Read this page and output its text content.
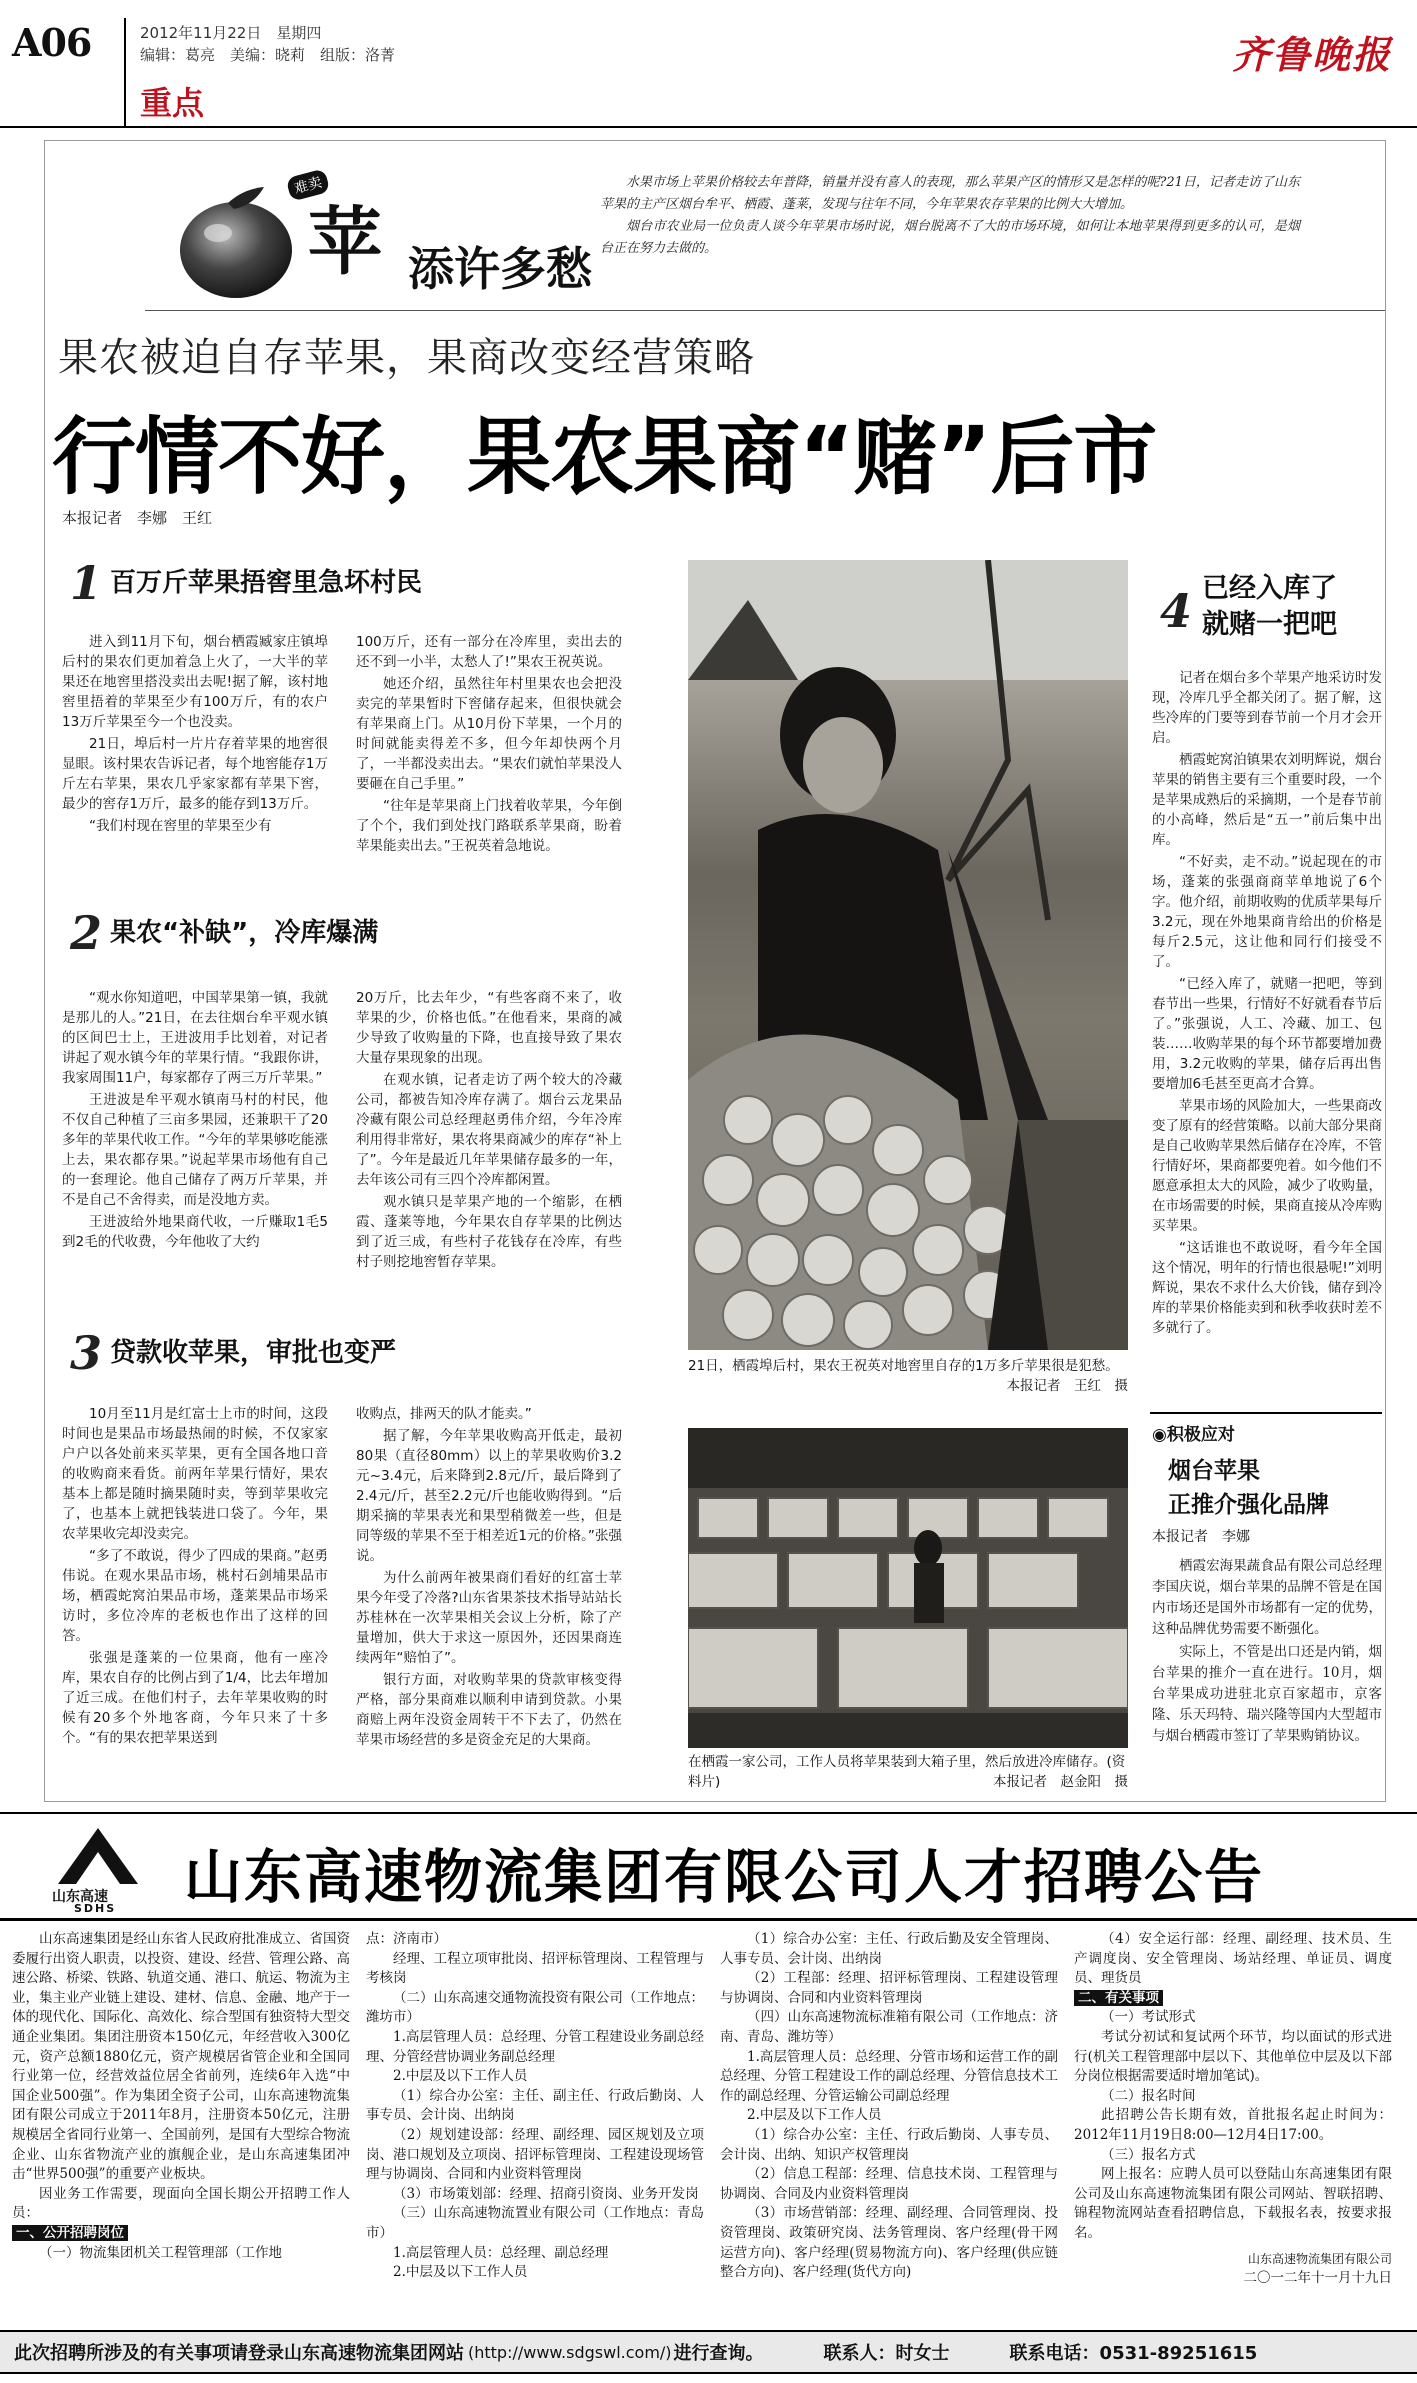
A06	2012年11月22日　 星期四
编辑：葛亮　美编：晓莉　组版：洛菁
重点
齐鲁晚报
难卖
苹 添许多愁

水果市场上苹果价格较去年普降，销量并没有喜人的表现，那么苹果产区的情形又是怎样的呢?21日，记者走访了山东苹果的主产区烟台牟平、栖霞、蓬莱，发现与往年不同，今年苹果农存苹果的比例大大增加。

烟台市农业局一位负责人谈今年苹果市场时说，烟台脱离不了大的市场环境，如何让本地苹果得到更多的认可，是烟台正在努力去做的。

果农被迫自存苹果，果商改变经营策略
行情不好，果农果商“赌”后市
本报记者　李娜　王红
1 百万斤苹果捂窖里急坏村民

进入到11月下旬，烟台栖霞臧家庄镇埠后村的果农们更加着急上火了，一大半的苹果还在地窖里搭没卖出去呢!据了解，该村地窖里捂着的苹果至少有100万斤，有的农户13万斤苹果至今一个也没卖。

21日，埠后村一片片存着苹果的地窖很显眼。该村果农告诉记者，每个地窖能存1万斤左右苹果，果农几乎家家都有苹果下窖，最少的窖存1万斤，最多的能存到13万斤。

“我们村现在窖里的苹果至少有

100万斤，还有一部分在冷库里，卖出去的还不到一小半，太愁人了!”果农王祝英说。

她还介绍，虽然往年村里果农也会把没卖完的苹果暂时下窖储存起来，但很快就会有苹果商上门。从10月份下苹果，一个月的时间就能卖得差不多，但今年却快两个月了，一半都没卖出去。“果农们就怕苹果没人要砸在自己手里。”

“往年是苹果商上门找着收苹果，今年倒了个个，我们到处找门路联系苹果商，盼着苹果能卖出去。”王祝英着急地说。

2 果农“补缺”，冷库爆满

“观水你知道吧，中国苹果第一镇，我就是那儿的人。”21日，在去往烟台牟平观水镇的区间巴士上，王进波用手比划着，对记者讲起了观水镇今年的苹果行情。“我跟你讲，我家周围11户，每家都存了两三万斤苹果。”

王进波是牟平观水镇南马村的村民，他不仅自己种植了三亩多果园，还兼职干了20多年的苹果代收工作。“今年的苹果够吃能涨上去，果农都存果。”说起苹果市场他有自己的一套理论。他自己储存了两万斤苹果，并不是自己不舍得卖，而是没地方卖。

王进波给外地果商代收，一斤赚取1毛5到2毛的代收费，今年他收了大约

20万斤，比去年少，“有些客商不来了，收苹果的少，价格也低。”在他看来，果商的减少导致了收购量的下降，也直接导致了果农大量存果现象的出现。

在观水镇，记者走访了两个较大的冷藏公司，都被告知冷库存满了。烟台云龙果品冷藏有限公司总经理赵勇伟介绍，今年冷库利用得非常好，果农将果商减少的库存“补上了”。今年是最近几年苹果储存最多的一年，去年该公司有三四个冷库都闲置。

观水镇只是苹果产地的一个缩影，在栖霞、蓬莱等地，今年果农自存苹果的比例达到了近三成，有些村子花钱存在冷库，有些村子则挖地窖暂存苹果。

3 贷款收苹果，审批也变严

10月至11月是红富士上市的时间，这段时间也是果品市场最热闹的时候，不仅家家户户以各处前来买苹果，更有全国各地口音的收购商来看货。前两年苹果行情好，果农基本上都是随时摘果随时卖，等到苹果收完了，也基本上就把钱装进口袋了。今年，果农苹果收完却没卖完。

“多了不敢说，得少了四成的果商。”赵勇伟说。在观水果品市场，桃村石剑埔果品市场，栖霞蛇窝泊果品市场，蓬莱果品市场采访时，多位冷库的老板也作出了这样的回答。

张强是蓬莱的一位果商，他有一座冷库，果农自存的比例占到了1/4，比去年增加了近三成。在他们村子，去年苹果收购的时候有20多个外地客商，今年只来了十多个。“有的果农把苹果送到

收购点，排两天的队才能卖。”

据了解，今年苹果收购高开低走，最初80果（直径80mm）以上的苹果收购价3.2元~3.4元，后来降到2.8元/斤，最后降到了2.4元/斤，甚至2.2元/斤也能收购得到。“后期采摘的苹果表光和果型稍微差一些，但是同等级的苹果不至于相差近1元的价格。”张强说。

为什么前两年被果商们看好的红富士苹果今年受了冷落?山东省果茶技术指导站站长苏桂林在一次苹果相关会议上分析，除了产量增加，供大于求这一原因外，还因果商连续两年“赔怕了”。

银行方面，对收购苹果的贷款审核变得严格，部分果商难以顺利申请到贷款。小果商赔上两年没资金周转干不下去了，仍然在苹果市场经营的多是资金充足的大果商。

21日，栖霞埠后村，果农王祝英对地窖里自存的1万多斤苹果很是犯愁。
本报记者　王红　摄
在栖霞一家公司，工作人员将苹果装到大箱子里，然后放进冷库储存。(资料片)	本报记者　赵金阳　摄
4 已经入库了
就赌一把吧

记者在烟台多个苹果产地采访时发现，冷库几乎全都关闭了。据了解，这些冷库的门要等到春节前一个月才会开启。

栖霞蛇窝泊镇果农刘明辉说，烟台苹果的销售主要有三个重要时段，一个是苹果成熟后的采摘期，一个是春节前的小高峰，然后是“五一”前后集中出库。

“不好卖，走不动。”说起现在的市场，蓬莱的张强商商苹单地说了6个字。他介绍，前期收购的优质苹果每斤3.2元，现在外地果商肯给出的价格是每斤2.5元，这让他和同行们接受不了。

“已经入库了，就赌一把吧，等到春节出一些果，行情好不好就看春节后了。”张强说，人工、冷藏、加工、包装……收购苹果的每个环节都要增加费用，3.2元收购的苹果，储存后再出售要增加6毛甚至更高才合算。

苹果市场的风险加大，一些果商改变了原有的经营策略。以前大部分果商是自己收购苹果然后储存在冷库，不管行情好坏，果商都要兜着。如今他们不愿意承担太大的风险，减少了收购量，在市场需要的时候，果商直接从冷库购买苹果。

“这话谁也不敢说呀，看今年全国这个情况，明年的行情也很悬呢!”刘明辉说，果农不求什么大价钱，储存到冷库的苹果价格能卖到和秋季收获时差不多就行了。

◉积极应对
烟台苹果
正推介强化品牌
本报记者　李娜

栖霞宏海果蔬食品有限公司总经理李国庆说，烟台苹果的品牌不管是在国内市场还是国外市场都有一定的优势，这种品牌优势需要不断强化。

实际上，不管是出口还是内销，烟台苹果的推介一直在进行。10月，烟台苹果成功进驻北京百家超市，京客隆、乐天玛特、瑞兴隆等国内大型超市与烟台栖霞市签订了苹果购销协议。

山东高速
SDHS 山东高速物流集团有限公司人才招聘公告

山东高速集团是经山东省人民政府批准成立、省国资委履行出资人职责，以投资、建设、经营、管理公路、高速公路、桥梁、铁路、轨道交通、港口、航运、物流为主业，集主业产业链上建设、建材、信息、金融、地产于一体的现代化、国际化、高效化、综合型国有独资特大型交通企业集团。集团注册资本150亿元，年经营收入300亿元，资产总额1880亿元，资产规模居省管企业和全国同行业第一位，经营效益位居全省前列，连续6年入选“中国企业500强”。作为集团全资子公司，山东高速物流集团有限公司成立于2011年8月，注册资本50亿元，注册规模居全省同行业第一、全国前列，是国有大型综合物流企业、山东省物流产业的旗舰企业，是山东高速集团冲击“世界500强”的重要产业板块。

因业务工作需要，现面向全国长期公开招聘工作人员：

一、公开招聘岗位

（一）物流集团机关工程管理部（工作地

点：济南市）

经理、工程立项审批岗、招评标管理岗、工程管理与考核岗

（二）山东高速交通物流投资有限公司（工作地点：潍坊市）

1.高层管理人员：总经理、分管工程建设业务副总经理、分管经营协调业务副总经理

2.中层及以下工作人员

（1）综合办公室：主任、副主任、行政后勤岗、人事专员、会计岗、出纳岗

（2）规划建设部：经理、副经理、园区规划及立项岗、港口规划及立项岗、招评标管理岗、工程建设现场管理与协调岗、合同和内业资料管理岗

（3）市场策划部：经理、招商引资岗、业务开发岗

（三）山东高速物流置业有限公司（工作地点：青岛市）

1.高层管理人员：总经理、副总经理

2.中层及以下工作人员

（1）综合办公室：主任、行政后勤及安全管理岗、人事专员、会计岗、出纳岗

（2）工程部：经理、招评标管理岗、工程建设管理与协调岗、合同和内业资料管理岗

（四）山东高速物流标准箱有限公司（工作地点：济南、青岛、潍坊等）

1.高层管理人员：总经理、分管市场和运营工作的副总经理、分管工程建设工作的副总经理、分管信息技术工作的副总经理、分管运输公司副总经理

2.中层及以下工作人员

（1）综合办公室：主任、行政后勤岗、人事专员、会计岗、出纳、知识产权管理岗

（2）信息工程部：经理、信息技术岗、工程管理与协调岗、合同及内业资料管理岗

（3）市场营销部：经理、副经理、合同管理岗、投资管理岗、政策研究岗、法务管理岗、客户经理(骨干网运营方向)、客户经理(贸易物流方向)、客户经理(供应链整合方向)、客户经理(货代方向)

（4）安全运行部：经理、副经理、技术员、生产调度岗、安全管理岗、场站经理、单证员、调度员、理货员

二、有关事项

（一）考试形式

考试分初试和复试两个环节，均以面试的形式进行(机关工程管理部中层以下、其他单位中层及以下部分岗位根据需要适时增加笔试)。

（二）报名时间

此招聘公告长期有效，首批报名起止时间为：2012年11月19日8:00—12月4日17:00。

（三）报名方式

网上报名：应聘人员可以登陆山东高速集团有限公司及山东高速物流集团有限公司网站、智联招聘、锦程物流网站查看招聘信息，下载报名表，按要求报名。

山东高速物流集团有限公司

二〇一二年十一月十九日

此次招聘所涉及的有关事项请登录山东高速物流集团网站 (http://www.sdgswl.com/) 进行查询。	联系人：时女士	联系电话：0531-89251615
